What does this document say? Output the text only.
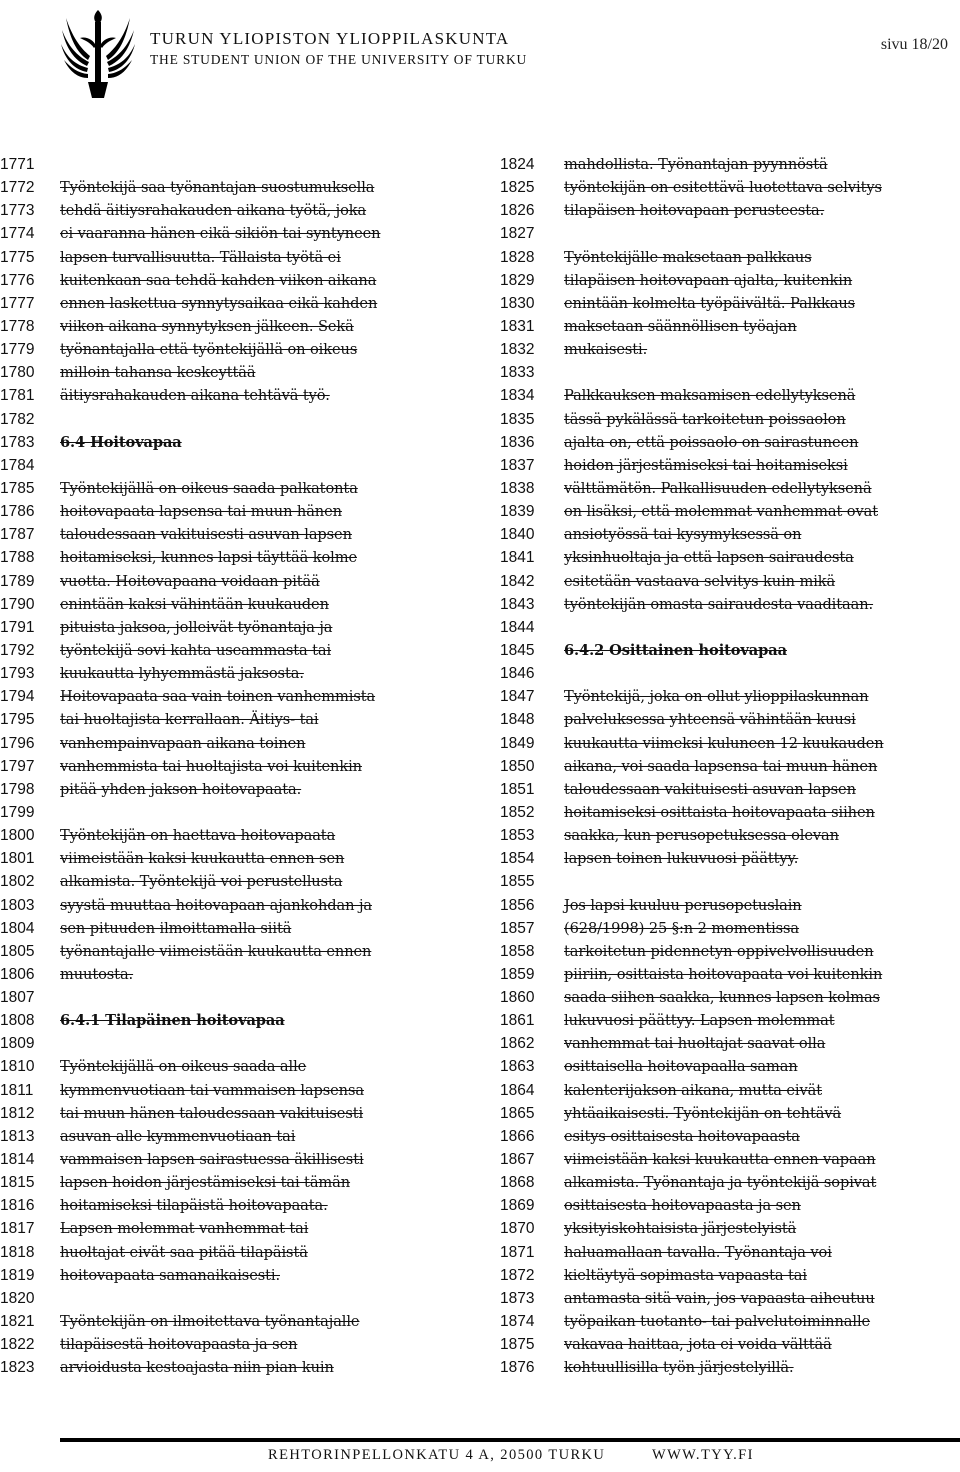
TURUN YLIOPISTON YLIOPPILASKUNTA
THE STUDENT UNION OF THE UNIVERSITY OF TURKU
sivu 18/20
1771
1772 Työntekijä saa työnantajan suostumuksella
1773 tehdä äitiysrahakauden aikana työtä, joka
1774 ei vaaranna hänen eikä sikiön tai syntyneen
1775 lapsen turvallisuutta. Tällaista työtä ei
1776 kuitenkaan saa tehdä kahden viikon aikana
1777 ennen laskettua synnytysaikaa eikä kahden
1778 viikon aikana synnytyksen jälkeen. Sekä
1779 työnantajalla että työntekijällä on oikeus
1780 milloin tahansa keskeyttää
1781 äitiysrahakauden aikana tehtävä työ.
1782
1783 6.4 Hoitovapaa
1784
1785 Työntekijällä on oikeus saada palkatonta
1786 hoitovapaata lapsensa tai muun hänen
1787 taloudessaan vakituisesti asuvan lapsen
1788 hoitamiseksi, kunnes lapsi täyttää kolme
1789 vuotta. Hoitovapaana voidaan pitää
1790 enintään kaksi vähintään kuukauden
1791 pituista jaksoa, jolleivät työnantaja ja
1792 työntekijä sovi kahta useammasta tai
1793 kuukautta lyhyemmästä jaksosta.
1794 Hoitovapaata saa vain toinen vanhemmista
1795 tai huoltajista kerrallaan. Äitiys- tai
1796 vanhempainvapaan aikana toinen
1797 vanhemmista tai huoltajista voi kuitenkin
1798 pitää yhden jakson hoitovapaata.
1799
1800 Työntekijän on haettava hoitovapaata
1801 viimeistään kaksi kuukautta ennen sen
1802 alkamista. Työntekijä voi perustellusta
1803 syystä muuttaa hoitovapaan ajankohdan ja
1804 sen pituuden ilmoittamalla siitä
1805 työnantajalle viimeistään kuukautta ennen
1806 muutosta.
1807
1808 6.4.1 Tilapäinen hoitovapaa
1809
1810 Työntekijällä on oikeus saada alle
1811 kymmenvuotiaan tai vammaisen lapsensa
1812 tai muun hänen taloudessaan vakituisesti
1813 asuvan alle kymmenvuotiaan tai
1814 vammaisen lapsen sairastuessa äkillisesti
1815 lapsen hoidon järjestämiseksi tai tämän
1816 hoitamiseksi tilapäistä hoitovapaata.
1817 Lapsen molemmat vanhemmat tai
1818 huoltajat eivät saa pitää tilapäistä
1819 hoitovapaata samanaikaisesti.
1820
1821 Työntekijän on ilmoitettava työnantajalle
1822 tilapäisestä hoitovapaasta ja sen
1823 arvioidusta kestoajasta niin pian kuin
1824 mahdollista. Työnantajan pyynnöstä
1825 työntekijän on esitettävä luotettava selvitys
1826 tilapäisen hoitovapaan perusteesta.
1827
1828 Työntekijälle maksetaan palkkaus
1829 tilapäisen hoitovapaan ajalta, kuitenkin
1830 enintään kolmelta työpäivältä. Palkkaus
1831 maksetaan säännöllisen työajan
1832 mukaisesti.
1833
1834 Palkkauksen maksamisen edellytyksenä
1835 tässä pykälässä tarkoitetun poissaolon
1836 ajalta on, että poissaolo on sairastuneen
1837 hoidon järjestämiseksi tai hoitamiseksi
1838 välttämätön. Palkallisuuden edellytyksenä
1839 on lisäksi, että molemmat vanhemmat ovat
1840 ansiotyössä tai kysymyksessä on
1841 yksinhuoltaja ja että lapsen sairaudesta
1842 esitetään vastaava selvitys kuin mikä
1843 työntekijän omasta sairaudesta vaaditaan.
1844
1845 6.4.2 Osittainen hoitovapaa
1846
1847 Työntekijä, joka on ollut ylioppilaskunnan
1848 palveluksessa yhteensä vähintään kuusi
1849 kuukautta viimeksi kuluneen 12 kuukauden
1850 aikana, voi saada lapsensa tai muun hänen
1851 taloudessaan vakituisesti asuvan lapsen
1852 hoitamiseksi osittaista hoitovapaata siihen
1853 saakka, kun perusopetuksessa olevan
1854 lapsen toinen lukuvuosi päättyy.
1855
1856 Jos lapsi kuuluu perusopetuslain
1857 (628/1998) 25 §:n 2 momentissa
1858 tarkoitetun pidennetyn oppivelvollisuuden
1859 piiriin, osittaista hoitovapaata voi kuitenkin
1860 saada siihen saakka, kunnes lapsen kolmas
1861 lukuvuosi päättyy. Lapsen molemmat
1862 vanhemmat tai huoltajat saavat olla
1863 osittaisella hoitovapaalla saman
1864 kalenterijakson aikana, mutta eivät
1865 yhtäaikaisesti. Työntekijän on tehtävä
1866 esitys osittaisesta hoitovapaasta
1867 viimeistään kaksi kuukautta ennen vapaan
1868 alkamista. Työnantaja ja työntekijä sopivat
1869 osittaisesta hoitovapaasta ja sen
1870 yksityiskohtaisista järjestelyistä
1871 haluamallaan tavalla. Työnantaja voi
1872 kieltäytyä sopimasta vapaasta tai
1873 antamasta sitä vain, jos vapaasta aiheutuu
1874 työpaikan tuotanto- tai palvelutoiminnalle
1875 vakavaa haittaa, jota ei voida välttää
1876 kohtuullisilla työn järjestelyillä.
REHTORINPELLONKATU 4 A, 20500 TURKU	WWW.TYY.FI
